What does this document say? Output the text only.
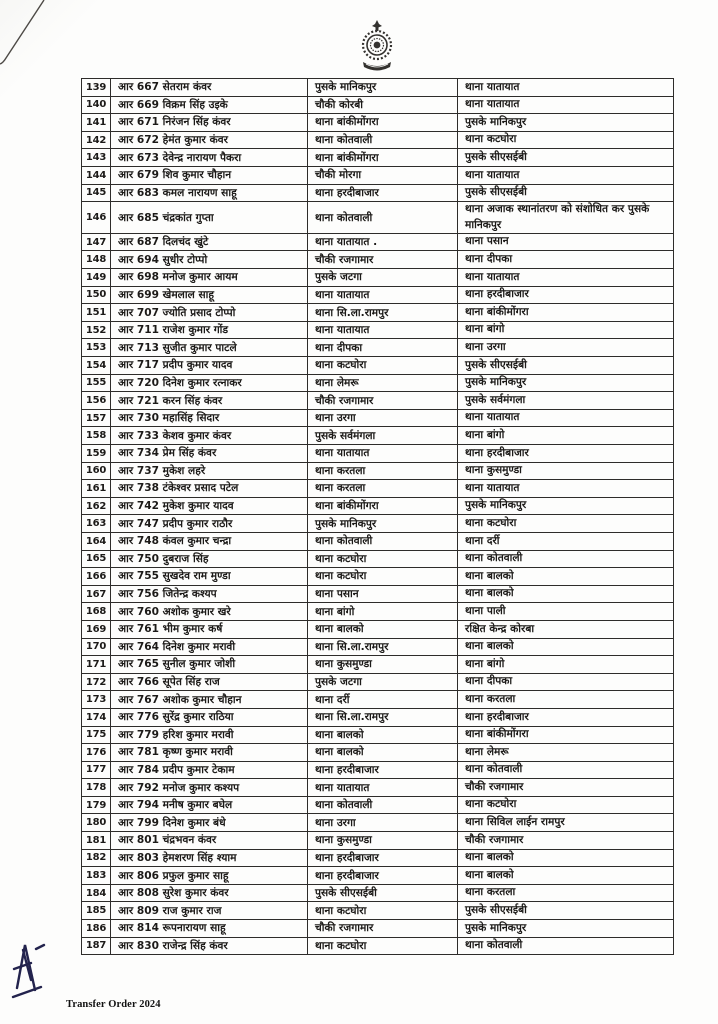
139	आर 667 सेतराम कंवर	पुसके मानिकपुर	थाना यातायात
140	आर 669 विक्रम सिंह उइके	चौकी कोरबी	थाना यातायात
141	आर 671 निरंजन सिंह कंवर	थाना बांकीमोंगरा	पुसके मानिकपुर
142	आर 672 हेमंत कुमार कंवर	थाना कोतवाली	थाना कटघोरा
143	आर 673 देवेन्द्र नारायण पैकरा	थाना बांकीमोंगरा	पुसके सीएसईबी
144	आर 679 शिव कुमार चौहान	चौकी मोरगा	थाना यातायात
145	आर 683 कमल नारायण साहू	थाना हरदीबाजार	पुसके सीएसईबी
146	आर 685 चंद्रकांत गुप्ता	थाना कोतवाली	थाना अजाक स्थानांतरण को संशोधित कर पुसके मानिकपुर
147	आर 687 दिलचंद खुंटे	थाना यातायात .	थाना पसान
148	आर 694 सुधीर टोप्पो	चौकी रजगामार	थाना दीपका
149	आर 698 मनोज कुमार आयम	पुसके जटगा	थाना यातायात
150	आर 699 खेमलाल साहू	थाना यातायात	थाना हरदीबाजार
151	आर 707 ज्योति प्रसाद टोप्पो	थाना सि.ला.रामपुर	थाना बांकीमोंगरा
152	आर 711 राजेश कुमार गोंड	थाना यातायात	थाना बांगो
153	आर 713 सुजीत कुमार पाटले	थाना दीपका	थाना उरगा
154	आर 717 प्रदीप कुमार यादव	थाना कटघोरा	पुसके सीएसईबी
155	आर 720 दिनेश कुमार रत्नाकर	थाना लेमरू	पुसके मानिकपुर
156	आर 721 करन सिंह कंवर	चौकी रजगामार	पुसके सर्वमंगला
157	आर 730 महासिंह सिदार	थाना उरगा	थाना यातायात
158	आर 733 केशव कुमार कंवर	पुसके सर्वमंगला	थाना बांगो
159	आर 734 प्रेम सिंह कंवर	थाना यातायात	थाना हरदीबाजार
160	आर 737 मुकेश लहरे	थाना करतला	थाना कुसमुण्डा
161	आर 738 टंकेश्वर प्रसाद पटेल	थाना करतला	थाना यातायात
162	आर 742 मुकेश कुमार यादव	थाना बांकीमोंगरा	पुसके मानिकपुर
163	आर 747 प्रदीप कुमार राठौर	पुसके मानिकपुर	थाना कटघोरा
164	आर 748 कंवल कुमार चन्द्रा	थाना कोतवाली	थाना दर्री
165	आर 750 दुबराज सिंह	थाना कटघोरा	थाना कोतवाली
166	आर 755 सुखदेव राम मुण्डा	थाना कटघोरा	थाना बालको
167	आर 756 जितेन्द्र कश्यप	थाना पसान	थाना बालको
168	आर 760 अशोक कुमार खरे	थाना बांगो	थाना पाली
169	आर 761 भीम कुमार कर्ष	थाना बालको	रक्षित केन्द्र कोरबा
170	आर 764 दिनेश कुमार मरावी	थाना सि.ला.रामपुर	थाना बालको
171	आर 765 सुनील कुमार जोशी	थाना कुसमुण्डा	थाना बांगो
172	आर 766 सूपेत सिंह राज	पुसके जटगा	थाना दीपका
173	आर 767 अशोक कुमार चौहान	थाना दर्री	थाना करतला
174	आर 776 सुरेंद्र कुमार राठिया	थाना सि.ला.रामपुर	थाना हरदीबाजार
175	आर 779 हरिश कुमार मरावी	थाना बालको	थाना बांकीमोंगरा
176	आर 781 कृष्ण कुमार मरावी	थाना बालको	थाना लेमरू
177	आर 784 प्रदीप कुमार टेकाम	थाना हरदीबाजार	थाना कोतवाली
178	आर 792 मनोज कुमार कश्यप	थाना यातायात	चौकी रजगामार
179	आर 794 मनीष कुमार बघेल	थाना कोतवाली	थाना कटघोरा
180	आर 799 दिनेश कुमार बंधे	थाना उरगा	थाना सिविल लाईन रामपुर
181	आर 801 चंद्रभवन कंवर	थाना कुसमुण्डा	चौकी रजगामार
182	आर 803 हेमशरण सिंह श्याम	थाना हरदीबाजार	थाना बालको
183	आर 806 प्रफुल कुमार साहू	थाना हरदीबाजार	थाना बालको
184	आर 808 सुरेश कुमार कंवर	पुसके सीएसईबी	थाना करतला
185	आर 809 राज कुमार राज	थाना कटघोरा	पुसके सीएसईबी
186	आर 814 रूपनारायण साहू	चौकी रजगामार	पुसके मानिकपुर
187	आर 830 राजेन्द्र सिंह कंवर	थाना कटघोरा	थाना कोतवाली
Transfer Order 2024
